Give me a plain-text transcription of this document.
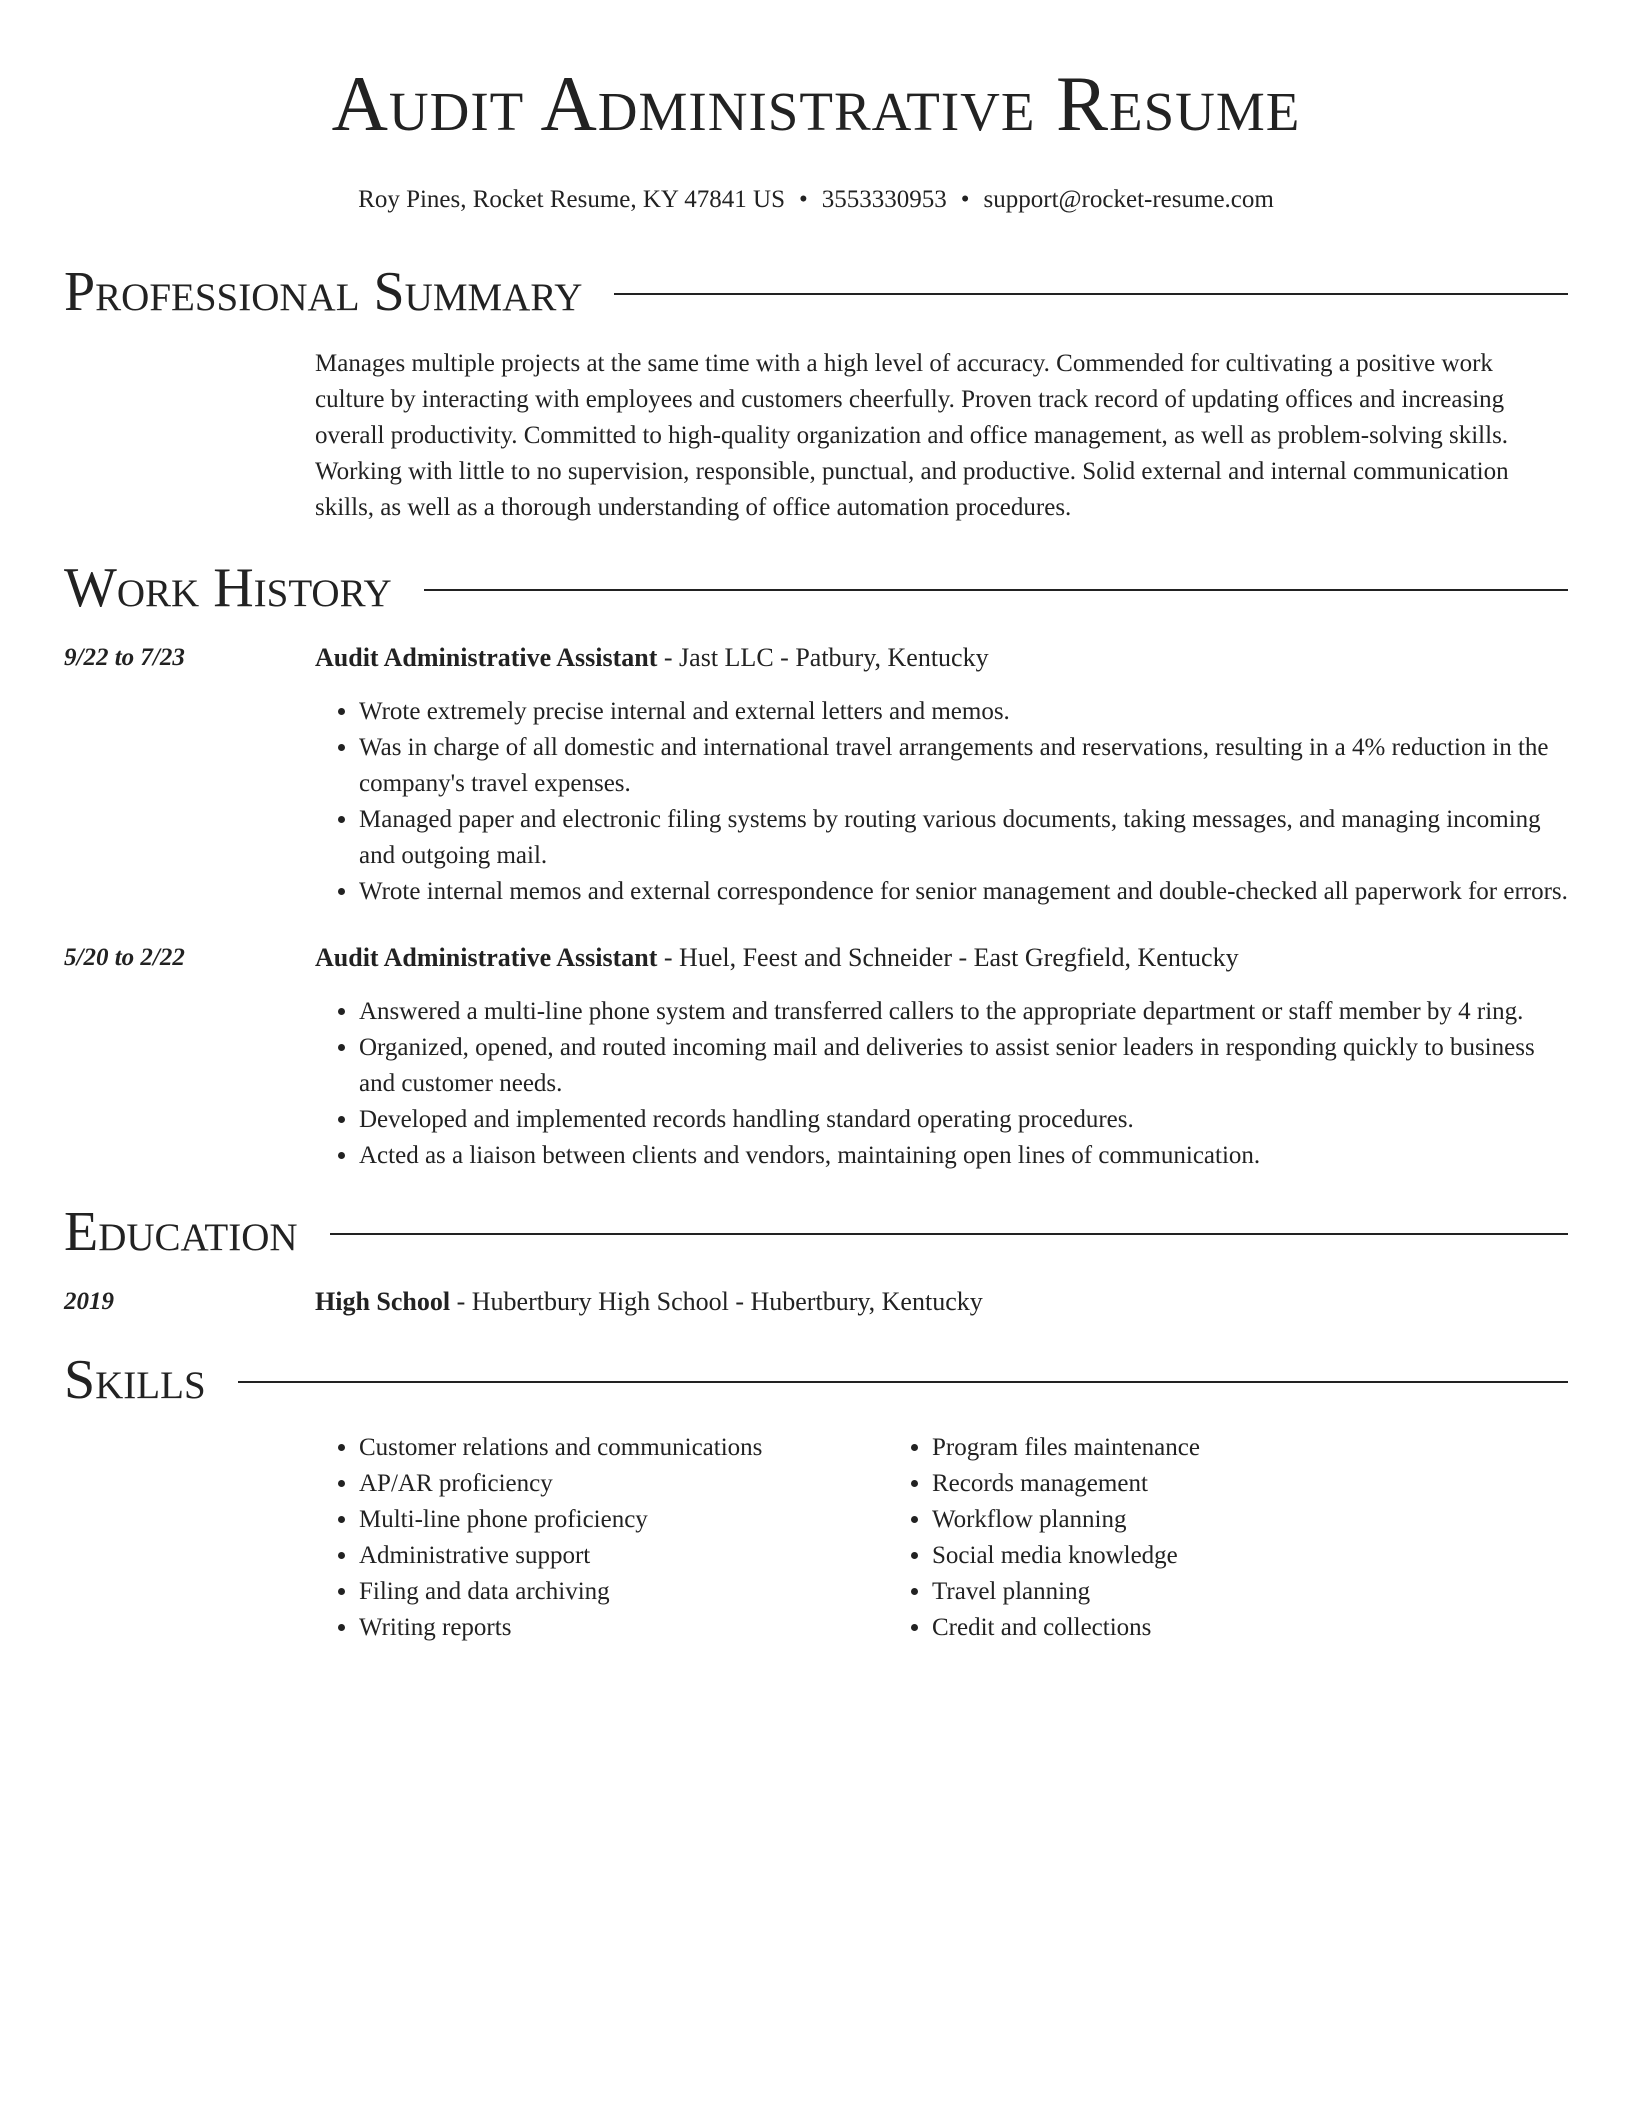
Audit Administrative Resume
Roy Pines, Rocket Resume, KY 47841 US • 3553330953 • support@rocket-resume.com
Professional Summary
Manages multiple projects at the same time with a high level of accuracy. Commended for cultivating a positive work culture by interacting with employees and customers cheerfully. Proven track record of updating offices and increasing overall productivity. Committed to high-quality organization and office management, as well as problem-solving skills. Working with little to no supervision, responsible, punctual, and productive. Solid external and internal communication skills, as well as a thorough understanding of office automation procedures.
Work History
9/22 to 7/23	Audit Administrative Assistant - Jast LLC - Patbury, Kentucky
• Wrote extremely precise internal and external letters and memos.
• Was in charge of all domestic and international travel arrangements and reservations, resulting in a 4% reduction in the company's travel expenses.
• Managed paper and electronic filing systems by routing various documents, taking messages, and managing incoming and outgoing mail.
• Wrote internal memos and external correspondence for senior management and double-checked all paperwork for errors.
5/20 to 2/22	Audit Administrative Assistant - Huel, Feest and Schneider - East Gregfield, Kentucky
• Answered a multi-line phone system and transferred callers to the appropriate department or staff member by 4 ring.
• Organized, opened, and routed incoming mail and deliveries to assist senior leaders in responding quickly to business and customer needs.
• Developed and implemented records handling standard operating procedures.
• Acted as a liaison between clients and vendors, maintaining open lines of communication.
Education
2019	High School - Hubertbury High School - Hubertbury, Kentucky
Skills
• Customer relations and communications
• AP/AR proficiency
• Multi-line phone proficiency
• Administrative support
• Filing and data archiving
• Writing reports
• Program files maintenance
• Records management
• Workflow planning
• Social media knowledge
• Travel planning
• Credit and collections
